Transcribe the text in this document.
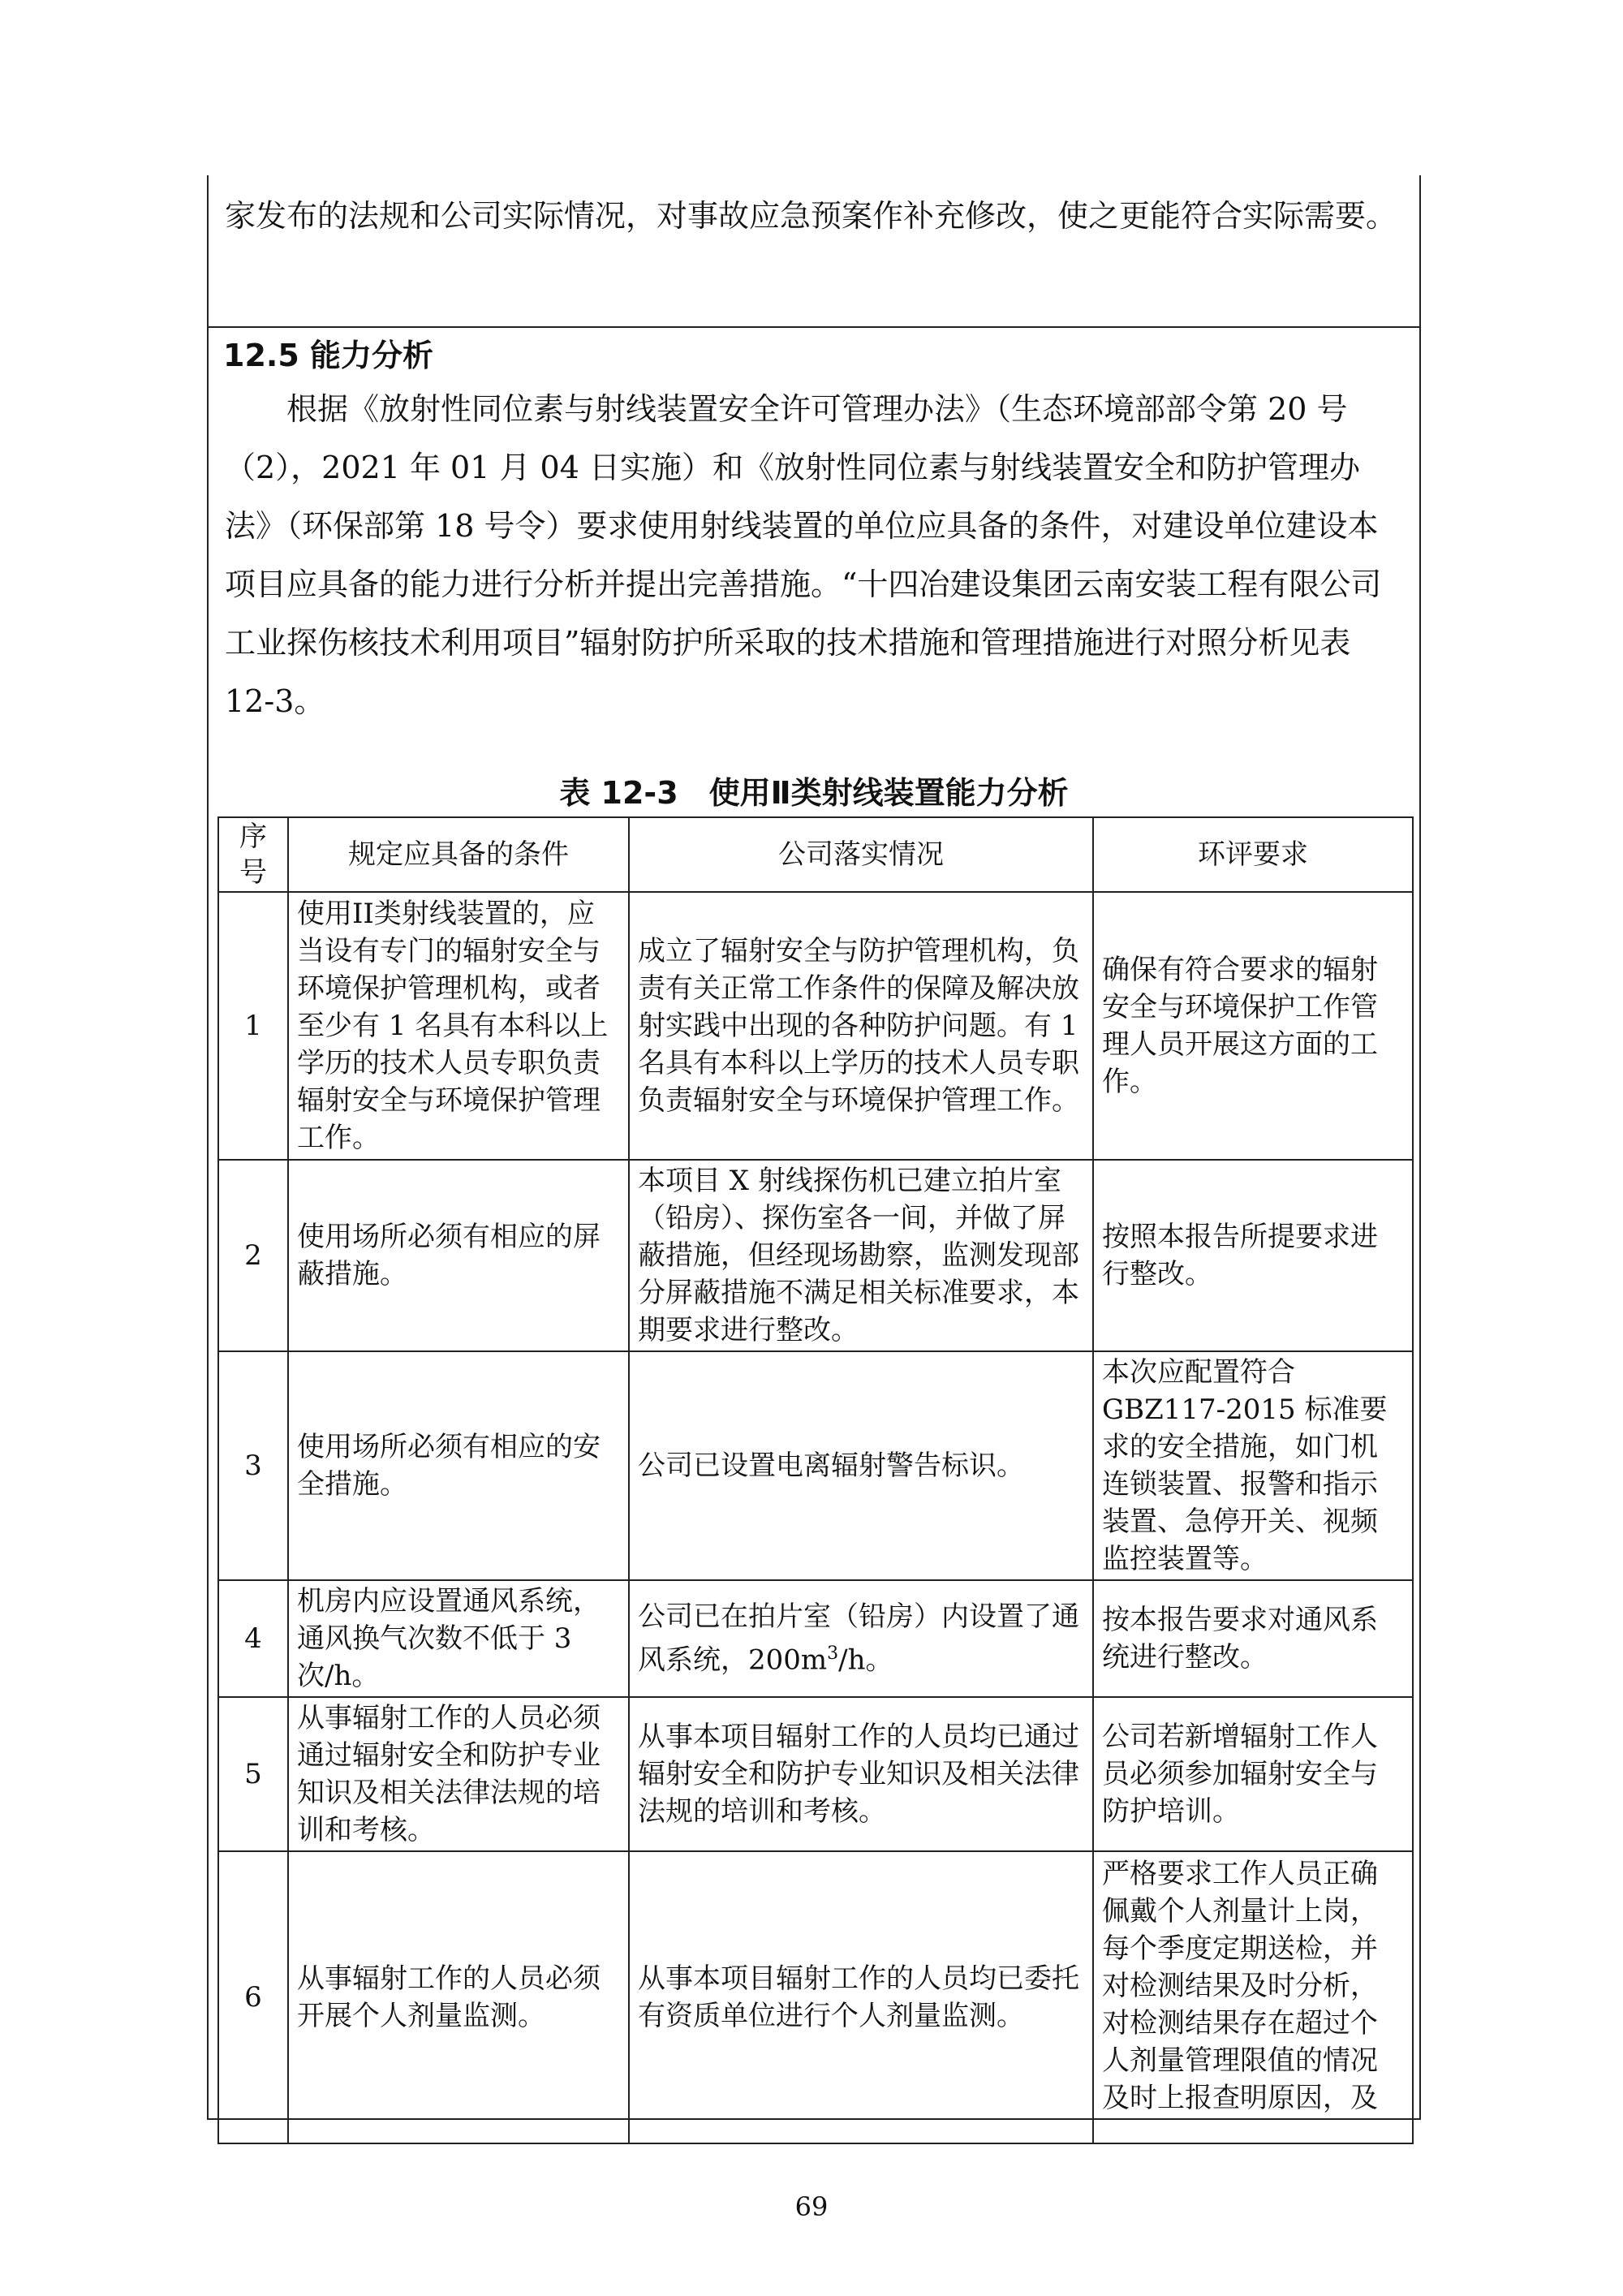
家发布的法规和公司实际情况，对事故应急预案作补充修改，使之更能符合实际需要。
12.5 能力分析
根据《放射性同位素与射线装置安全许可管理办法》（生态环境部部令第 20 号（2），2021 年 01 月 04 日实施）和《放射性同位素与射线装置安全和防护管理办法》（环保部第 18 号令）要求使用射线装置的单位应具备的条件，对建设单位建设本项目应具备的能力进行分析并提出完善措施。“十四冶建设集团云南安装工程有限公司工业探伤核技术利用项目”辐射防护所采取的技术措施和管理措施进行对照分析见表 12-3。
表 12-3　使用Ⅱ类射线装置能力分析
序号	规定应具备的条件	公司落实情况	环评要求
1	使用II类射线装置的，应当设有专门的辐射安全与环境保护管理机构，或者至少有 1 名具有本科以上学历的技术人员专职负责辐射安全与环境保护管理工作。	成立了辐射安全与防护管理机构，负责有关正常工作条件的保障及解决放射实践中出现的各种防护问题。有 1 名具有本科以上学历的技术人员专职负责辐射安全与环境保护管理工作。	确保有符合要求的辐射安全与环境保护工作管理人员开展这方面的工作。
2	使用场所必须有相应的屏蔽措施。	本项目 X 射线探伤机已建立拍片室（铅房）、探伤室各一间，并做了屏蔽措施，但经现场勘察，监测发现部分屏蔽措施不满足相关标准要求，本期要求进行整改。	按照本报告所提要求进行整改。
3	使用场所必须有相应的安全措施。	公司已设置电离辐射警告标识。	本次应配置符合 GBZ117-2015 标准要求的安全措施，如门机连锁装置、报警和指示装置、急停开关、视频监控装置等。
4	机房内应设置通风系统，通风换气次数不低于 3 次/h。	公司已在拍片室（铅房）内设置了通风系统，$200m^3/h$。	按本报告要求对通风系统进行整改。
5	从事辐射工作的人员必须通过辐射安全和防护专业知识及相关法律法规的培训和考核。	从事本项目辐射工作的人员均已通过辐射安全和防护专业知识及相关法律法规的培训和考核。	公司若新增辐射工作人员必须参加辐射安全与防护培训。
6	从事辐射工作的人员必须开展个人剂量监测。	从事本项目辐射工作的人员均已委托有资质单位进行个人剂量监测。	严格要求工作人员正确佩戴个人剂量计上岗，每个季度定期送检，并对检测结果及时分析，对检测结果存在超过个人剂量管理限值的情况及时上报查明原因，及
69
